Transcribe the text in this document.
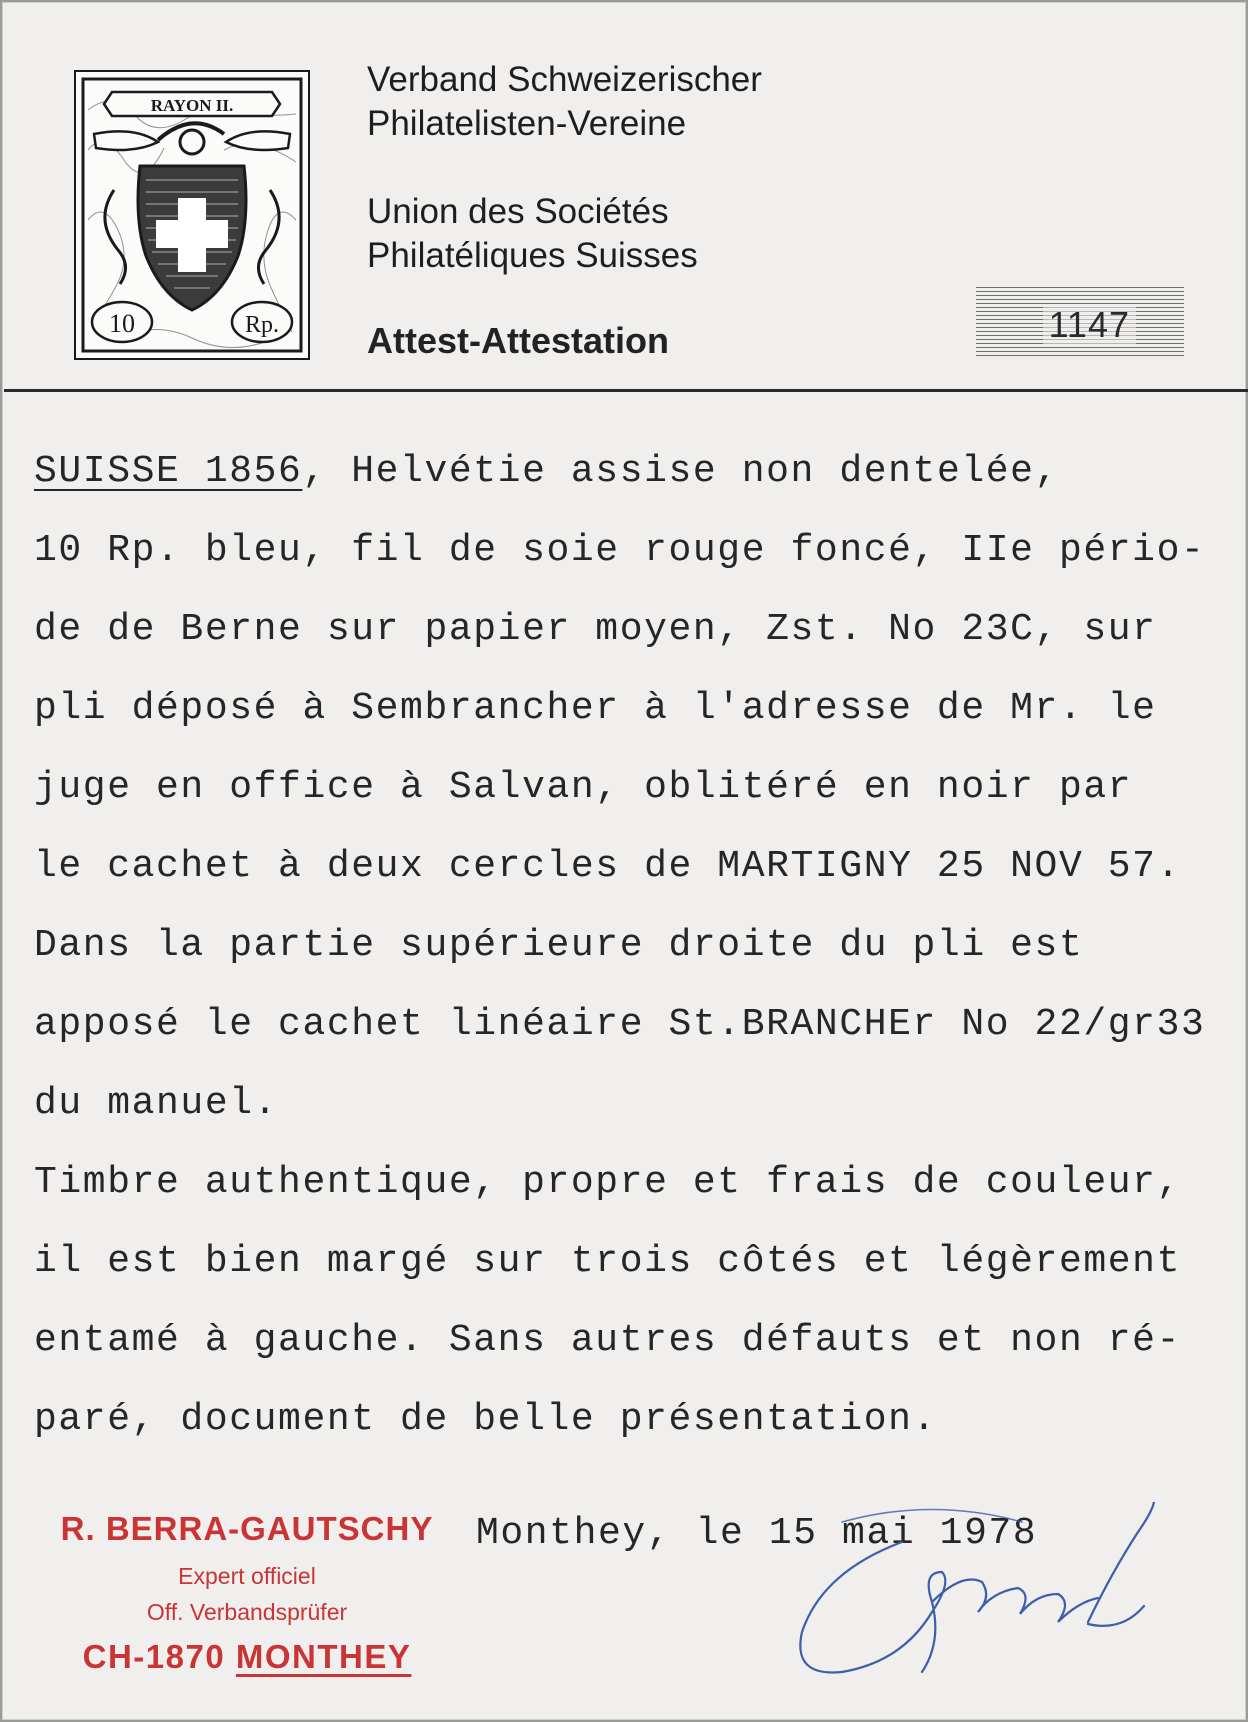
RAYON II.
10	Rp.
Verband Schweizerischer
Philatelisten-Vereine
Union des Sociétés
Philatéliques Suisses
Attest-Attestation	1147
SUISSE 1856, Helvétie assise non dentelée,
10 Rp. bleu, fil de soie rouge foncé, IIe pério-
de de Berne sur papier moyen, Zst. No 23C, sur
pli déposé à Sembrancher à l'adresse de Mr. le
juge en office à Salvan, oblitéré en noir par
le cachet à deux cercles de MARTIGNY 25 NOV 57.
Dans la partie supérieure droite du pli est
apposé le cachet linéaire St.BRANCHEr No 22/gr33
du manuel.
Timbre authentique, propre et frais de couleur,
il est bien margé sur trois côtés et légèrement
entamé à gauche. Sans autres défauts et non ré-
paré, document de belle présentation.
R. BERRA-GAUTSCHY
Expert officiel
Off. Verbandsprüfer
CH-1870 MONTHEY
Monthey, le 15 mai 1978
